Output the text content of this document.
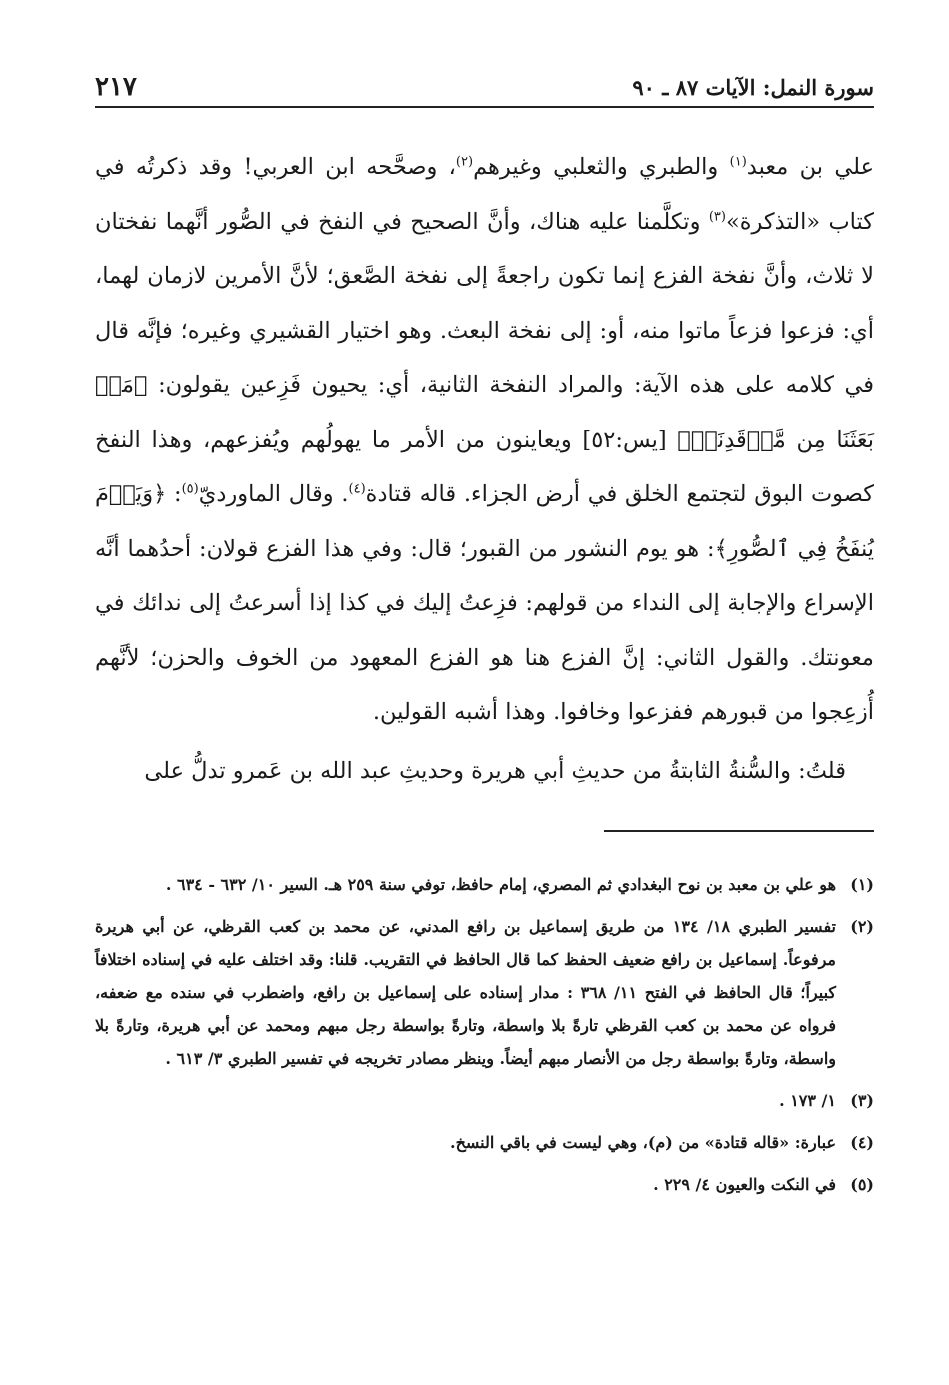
سورة النمل: الآيات ٨٧ ـ ٩٠
٢١٧

علي بن معبد$^{(١)}$ والطبري والثعلبي وغيرهم$^{(٢)}$، وصحَّحه ابن العربي! وقد ذكرتُه في كتاب «التذكرة»$^{(٣)}$ وتكلَّمنا عليه هناك، وأنَّ الصحيح في النفخ في الصُّور أنَّهما نفختان لا ثلاث، وأنَّ نفخة الفزع إنما تكون راجعةً إلى نفخة الصَّعق؛ لأنَّ الأمرين لازمان لهما، أي: فزعوا فزعاً ماتوا منه، أو: إلى نفخة البعث. وهو اختيار القشيري وغيره؛ فإنَّه قال في كلامه على هذه الآية: والمراد النفخة الثانية، أي: يحيون فَزِعين يقولون: ﴿مَنۢ بَعَثَنَا مِن مَّرۡقَدِنَاۜ﴾ [يس:٥٢] ويعاينون من الأمر ما يهولُهم ويُفزعهم، وهذا النفخ كصوت البوق لتجتمع الخلق في أرض الجزاء. قاله قتادة$^{(٤)}$. وقال الماورديّ$^{(٥)}$: ﴿وَيَوۡمَ يُنفَخُ فِي ٱلصُّورِ﴾: هو يوم النشور من القبور؛ قال: وفي هذا الفزع قولان: أحدُهما أنَّه الإسراع والإجابة إلى النداء من قولهم: فزِعتُ إليك في كذا إذا أسرعتُ إلى ندائك في معونتك. والقول الثاني: إنَّ الفزع هنا هو الفزع المعهود من الخوف والحزن؛ لأنَّهم أُزعِجوا من قبورهم ففزعوا وخافوا. وهذا أشبه القولين.

قلتُ: والسُّنةُ الثابتةُ من حديثِ أبي هريرة وحديثِ عبد الله بن عَمرو تدلُّ على

(١)
هو علي بن معبد بن نوح البغدادي ثم المصري، إمام حافظ، توفي سنة ٢٥٩ هـ. السير ١٠/ ٦٣٢ - ٦٣٤ .
(٢)
تفسير الطبري ١٨/ ١٣٤ من طريق إسماعيل بن رافع المدني، عن محمد بن كعب القرظي، عن أبي هريرة مرفوعاً. إسماعيل بن رافع ضعيف الحفظ كما قال الحافظ في التقريب. قلنا: وقد اختلف عليه في إسناده اختلافاً كبيراً؛ قال الحافظ في الفتح ١١/ ٣٦٨ : مدار إسناده على إسماعيل بن رافع، واضطرب في سنده مع ضعفه، فرواه عن محمد بن كعب القرظي تارةً بلا واسطة، وتارةً بواسطة رجل مبهم ومحمد عن أبي هريرة، وتارةً بلا واسطة، وتارةً بواسطة رجل من الأنصار مبهم أيضاً. وينظر مصادر تخريجه في تفسير الطبري ٣/ ٦١٣ .
(٣)
١/ ١٧٣ .
(٤)
عبارة: «قاله قتادة» من (م)، وهي ليست في باقي النسخ.
(٥)
في النكت والعيون ٤/ ٢٢٩ .
